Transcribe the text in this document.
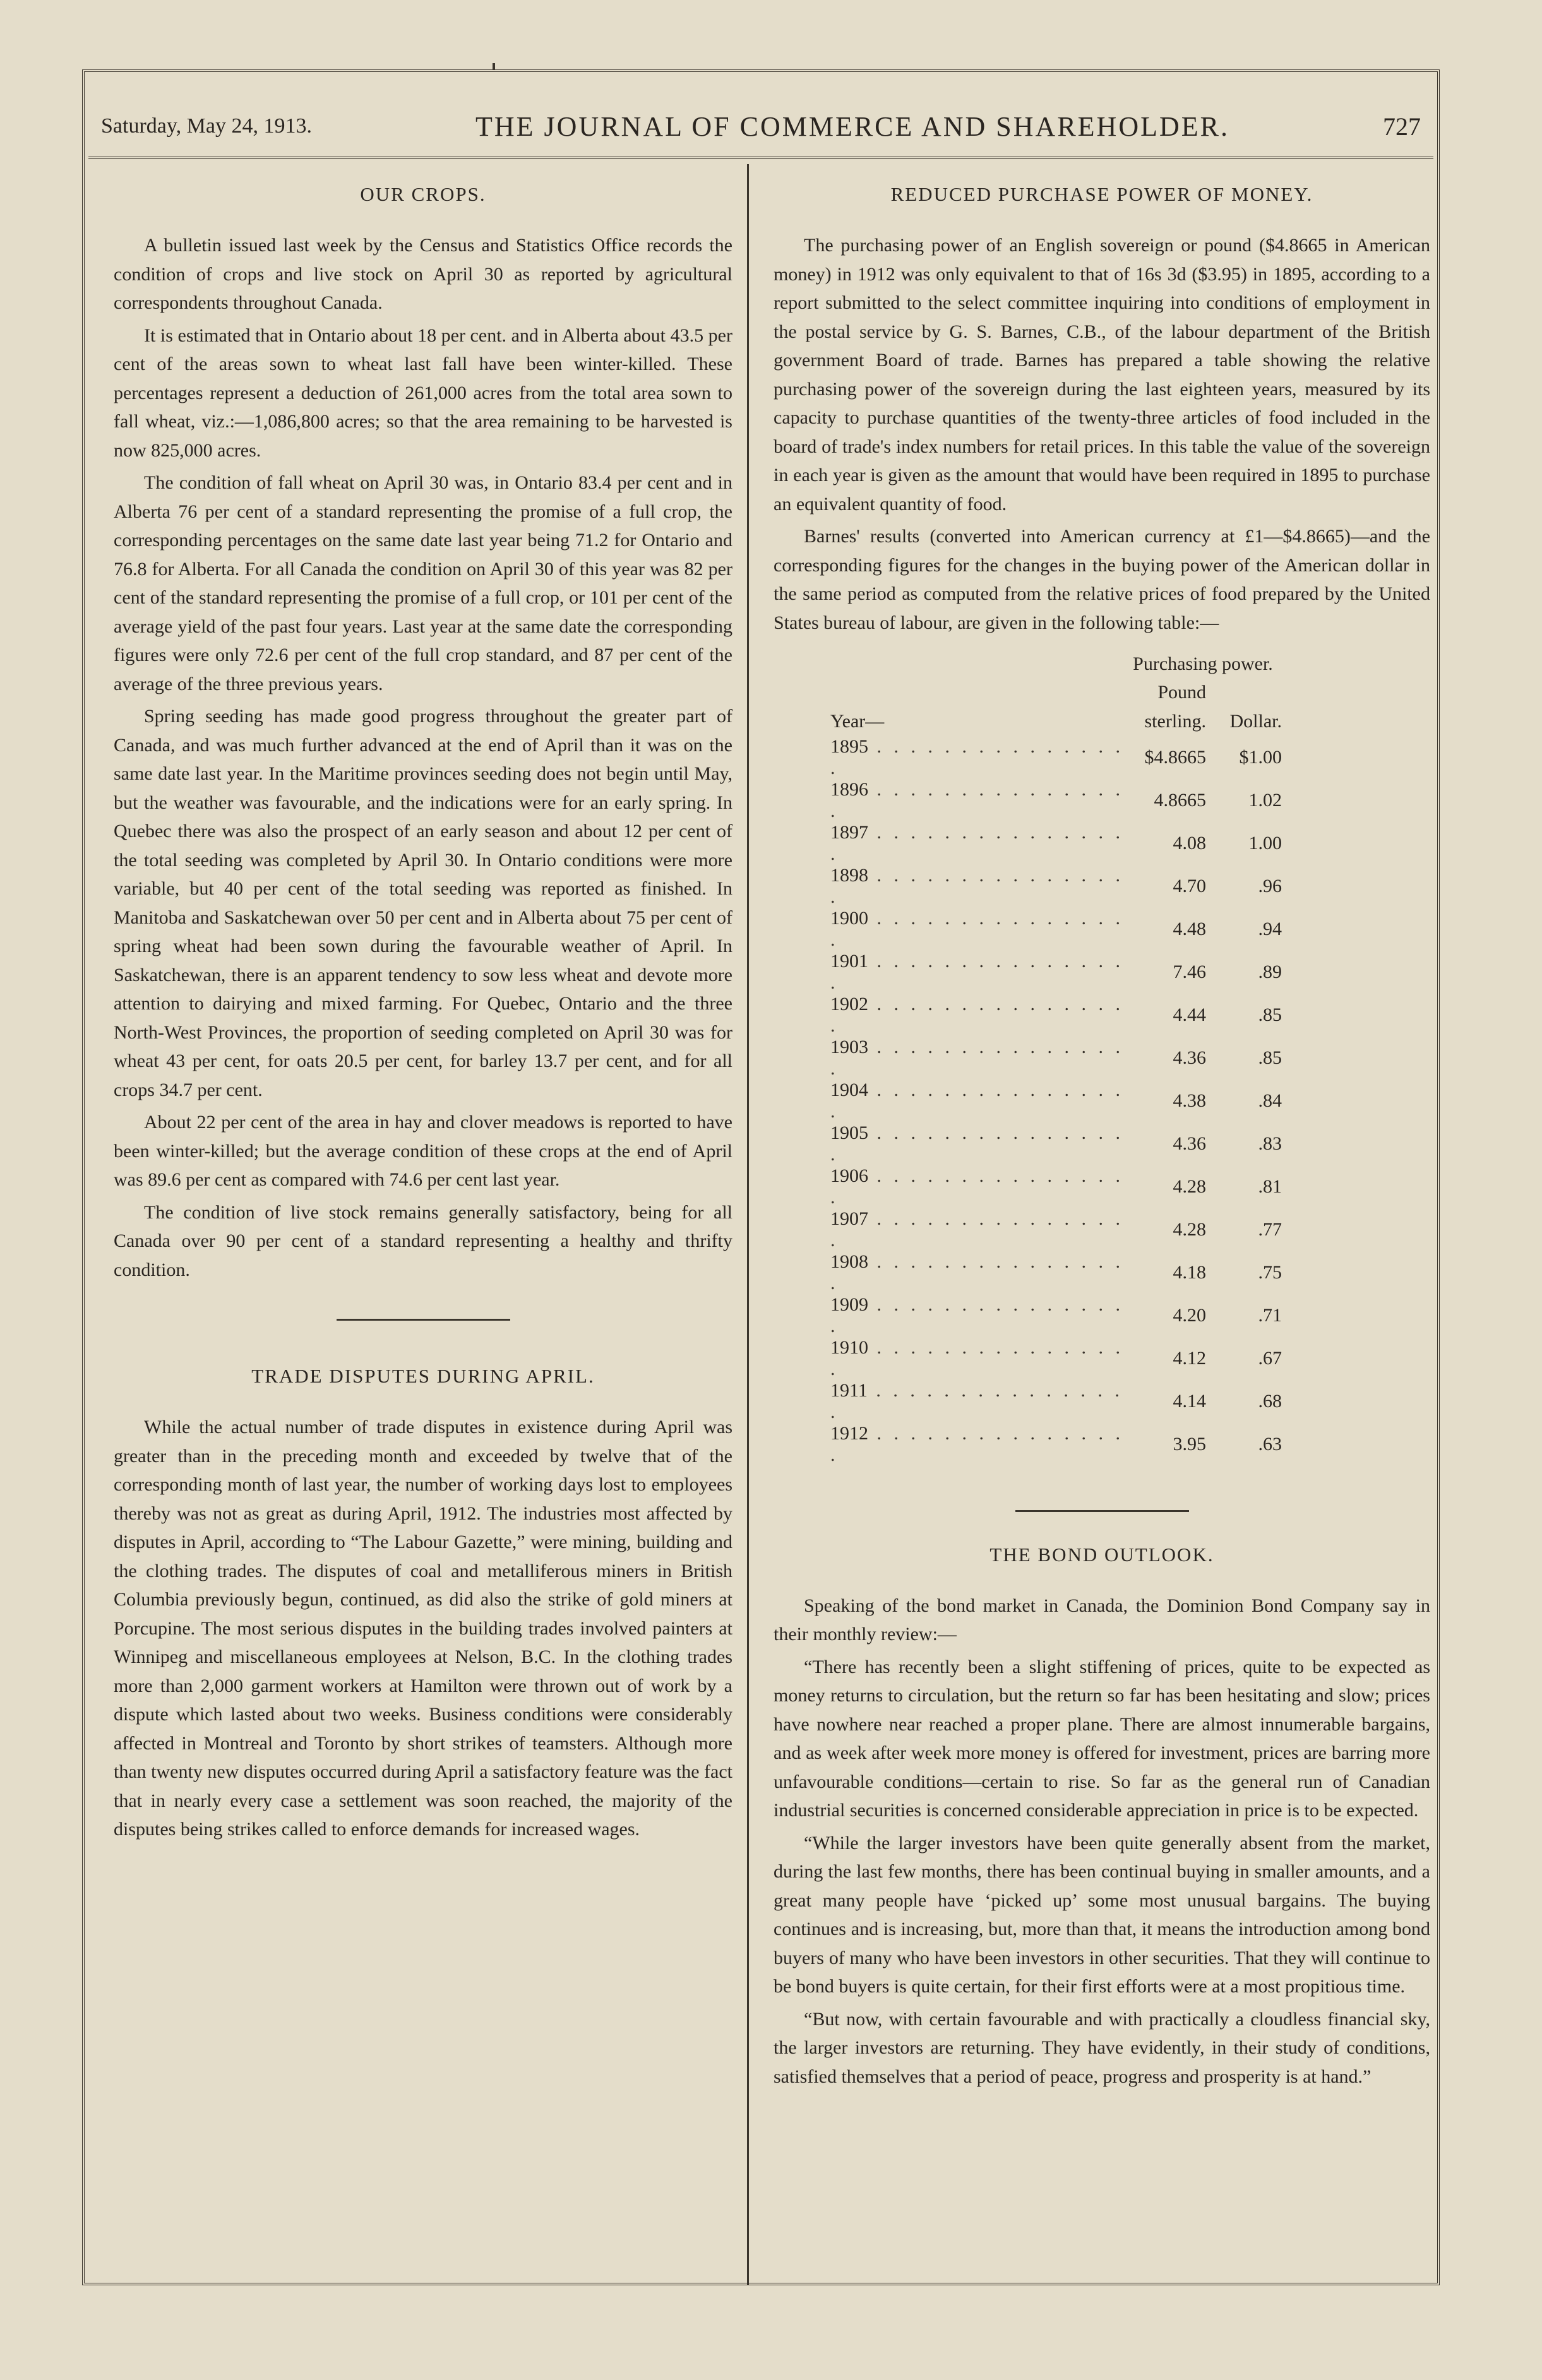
Saturday, May 24, 1913.	THE JOURNAL OF COMMERCE AND SHAREHOLDER.	727
OUR CROPS.

A bulletin issued last week by the Census and Statistics Office records the condition of crops and live stock on April 30 as reported by agricultural correspondents throughout Canada.

It is estimated that in Ontario about 18 per cent. and in Alberta about 43.5 per cent of the areas sown to wheat last fall have been winter-killed. These percentages represent a deduction of 261,000 acres from the total area sown to fall wheat, viz.:—1,086,800 acres; so that the area remaining to be harvested is now 825,000 acres.

The condition of fall wheat on April 30 was, in Ontario 83.4 per cent and in Alberta 76 per cent of a standard representing the promise of a full crop, the corresponding percentages on the same date last year being 71.2 for Ontario and 76.8 for Alberta. For all Canada the condition on April 30 of this year was 82 per cent of the standard representing the promise of a full crop, or 101 per cent of the average yield of the past four years. Last year at the same date the corresponding figures were only 72.6 per cent of the full crop standard, and 87 per cent of the average of the three previous years.

Spring seeding has made good progress throughout the greater part of Canada, and was much further advanced at the end of April than it was on the same date last year. In the Maritime provinces seeding does not begin until May, but the weather was favourable, and the indications were for an early spring. In Quebec there was also the prospect of an early season and about 12 per cent of the total seeding was completed by April 30. In Ontario conditions were more variable, but 40 per cent of the total seeding was reported as finished. In Manitoba and Saskatchewan over 50 per cent and in Alberta about 75 per cent of spring wheat had been sown during the favourable weather of April. In Saskatchewan, there is an apparent tendency to sow less wheat and devote more attention to dairying and mixed farming. For Quebec, Ontario and the three North-West Provinces, the proportion of seeding completed on April 30 was for wheat 43 per cent, for oats 20.5 per cent, for barley 13.7 per cent, and for all crops 34.7 per cent.

About 22 per cent of the area in hay and clover meadows is reported to have been winter-killed; but the average condition of these crops at the end of April was 89.6 per cent as compared with 74.6 per cent last year.

The condition of live stock remains generally satisfactory, being for all Canada over 90 per cent of a standard representing a healthy and thrifty condition.

TRADE DISPUTES DURING APRIL.

While the actual number of trade disputes in existence during April was greater than in the preceding month and exceeded by twelve that of the corresponding month of last year, the number of working days lost to employees thereby was not as great as during April, 1912. The industries most affected by disputes in April, according to “The Labour Gazette,” were mining, building and the clothing trades. The disputes of coal and metalliferous miners in British Columbia previously begun, continued, as did also the strike of gold miners at Porcupine. The most serious disputes in the building trades involved painters at Winnipeg and miscellaneous employees at Nelson, B.C. In the clothing trades more than 2,000 garment workers at Hamilton were thrown out of work by a dispute which lasted about two weeks. Business conditions were considerably affected in Montreal and Toronto by short strikes of teamsters. Although more than twenty new disputes occurred during April a satisfactory feature was the fact that in nearly every case a settlement was soon reached, the majority of the disputes being strikes called to enforce demands for increased wages.

REDUCED PURCHASE POWER OF MONEY.

The purchasing power of an English sovereign or pound ($4.8665 in American money) in 1912 was only equivalent to that of 16s 3d ($3.95) in 1895, according to a report submitted to the select committee inquiring into conditions of employment in the postal service by G. S. Barnes, C.B., of the labour department of the British government Board of trade. Barnes has prepared a table showing the relative purchasing power of the sovereign during the last eighteen years, measured by its capacity to purchase quantities of the twenty-three articles of food included in the board of trade's index numbers for retail prices. In this table the value of the sovereign in each year is given as the amount that would have been required in 1895 to purchase an equivalent quantity of food.

Barnes' results (converted into American currency at £1—$4.8665)—and the corresponding figures for the changes in the buying power of the American dollar in the same period as computed from the relative prices of food prepared by the United States bureau of labour, are given in the following table:—

	Purchasing power.	
	Pound	
Year—	sterling.	Dollar.
1895 . . . . . . . . . . . . . . . .	$4.8665	$1.00
1896 . . . . . . . . . . . . . . . .	4.8665	1.02
1897 . . . . . . . . . . . . . . . .	4.08	1.00
1898 . . . . . . . . . . . . . . . .	4.70	.96
1900 . . . . . . . . . . . . . . . .	4.48	.94
1901 . . . . . . . . . . . . . . . .	7.46	.89
1902 . . . . . . . . . . . . . . . .	4.44	.85
1903 . . . . . . . . . . . . . . . .	4.36	.85
1904 . . . . . . . . . . . . . . . .	4.38	.84
1905 . . . . . . . . . . . . . . . .	4.36	.83
1906 . . . . . . . . . . . . . . . .	4.28	.81
1907 . . . . . . . . . . . . . . . .	4.28	.77
1908 . . . . . . . . . . . . . . . .	4.18	.75
1909 . . . . . . . . . . . . . . . .	4.20	.71
1910 . . . . . . . . . . . . . . . .	4.12	.67
1911 . . . . . . . . . . . . . . . .	4.14	.68
1912 . . . . . . . . . . . . . . . .	3.95	.63
THE BOND OUTLOOK.

Speaking of the bond market in Canada, the Dominion Bond Company say in their monthly review:—

“There has recently been a slight stiffening of prices, quite to be expected as money returns to circulation, but the return so far has been hesitating and slow; prices have nowhere near reached a proper plane. There are almost innumerable bargains, and as week after week more money is offered for investment, prices are barring more unfavourable conditions—certain to rise. So far as the general run of Canadian industrial securities is concerned considerable appreciation in price is to be expected.

“While the larger investors have been quite generally absent from the market, during the last few months, there has been continual buying in smaller amounts, and a great many people have ‘picked up’ some most unusual bargains. The buying continues and is increasing, but, more than that, it means the introduction among bond buyers of many who have been investors in other securities. That they will continue to be bond buyers is quite certain, for their first efforts were at a most propitious time.

“But now, with certain favourable and with practically a cloudless financial sky, the larger investors are returning. They have evidently, in their study of conditions, satisfied themselves that a period of peace, progress and prosperity is at hand.”
